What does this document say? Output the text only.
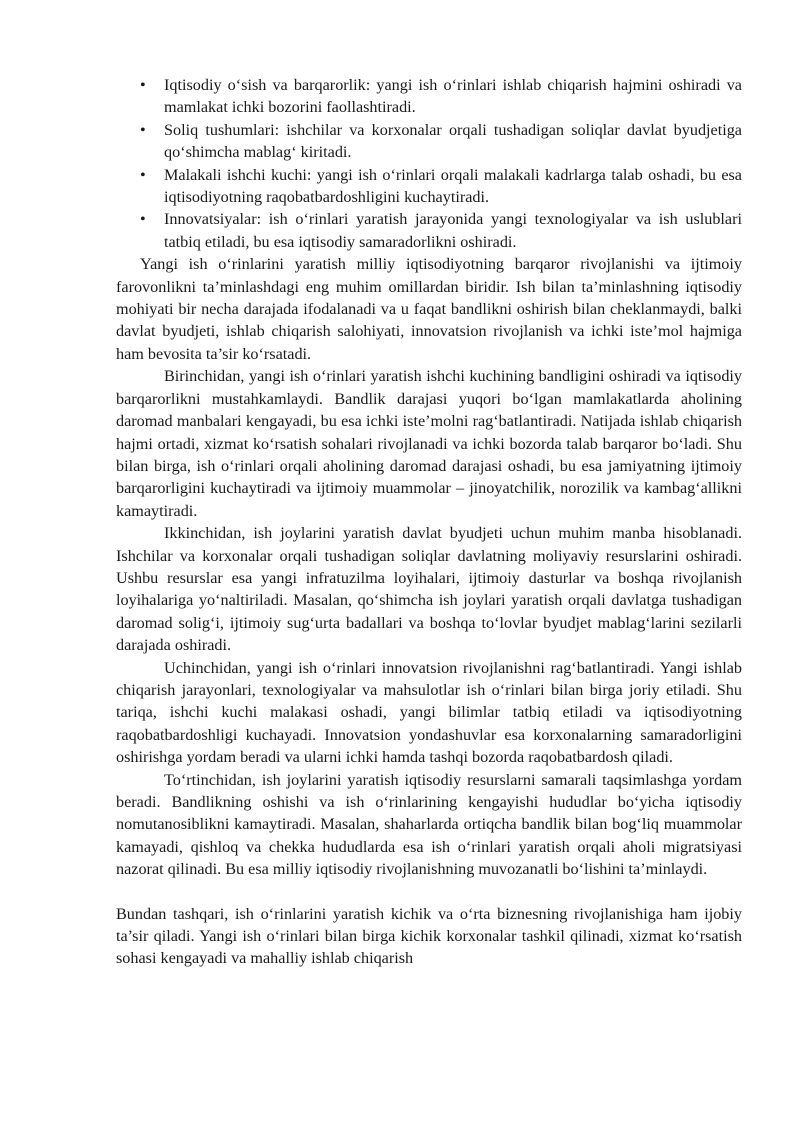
• Iqtisodiy o‘sish va barqarorlik: yangi ish o‘rinlari ishlab chiqarish hajmini oshiradi va mamlakat ichki bozorini faollashtiradi.
• Soliq tushumlari: ishchilar va korxonalar orqali tushadigan soliqlar davlat byudjetiga qo‘shimcha mablag‘ kiritadi.
• Malakali ishchi kuchi: yangi ish o‘rinlari orqali malakali kadrlarga talab oshadi, bu esa iqtisodiyotning raqobatbardoshligini kuchaytiradi.
• Innovatsiyalar: ish o‘rinlari yaratish jarayonida yangi texnologiyalar va ish uslublari tatbiq etiladi, bu esa iqtisodiy samaradorlikni oshiradi.

Yangi ish o‘rinlarini yaratish milliy iqtisodiyotning barqaror rivojlanishi va ijtimoiy farovonlikni ta’minlashdagi eng muhim omillardan biridir. Ish bilan ta’minlashning iqtisodiy mohiyati bir necha darajada ifodalanadi va u faqat bandlikni oshirish bilan cheklanmaydi, balki davlat byudjeti, ishlab chiqarish salohiyati, innovatsion rivojlanish va ichki iste’mol hajmiga ham bevosita ta’sir ko‘rsatadi.

Birinchidan, yangi ish o‘rinlari yaratish ishchi kuchining bandligini oshiradi va iqtisodiy barqarorlikni mustahkamlaydi. Bandlik darajasi yuqori bo‘lgan mamlakatlarda aholining daromad manbalari kengayadi, bu esa ichki iste’molni rag‘batlantiradi. Natijada ishlab chiqarish hajmi ortadi, xizmat ko‘rsatish sohalari rivojlanadi va ichki bozorda talab barqaror bo‘ladi. Shu bilan birga, ish o‘rinlari orqali aholining daromad darajasi oshadi, bu esa jamiyatning ijtimoiy barqarorligini kuchaytiradi va ijtimoiy muammolar – jinoyatchilik, norozilik va kambag‘allikni kamaytiradi.

Ikkinchidan, ish joylarini yaratish davlat byudjeti uchun muhim manba hisoblanadi. Ishchilar va korxonalar orqali tushadigan soliqlar davlatning moliyaviy resurslarini oshiradi. Ushbu resurslar esa yangi infratuzilma loyihalari, ijtimoiy dasturlar va boshqa rivojlanish loyihalariga yo‘naltiriladi. Masalan, qo‘shimcha ish joylari yaratish orqali davlatga tushadigan daromad solig‘i, ijtimoiy sug‘urta badallari va boshqa to‘lovlar byudjet mablag‘larini sezilarli darajada oshiradi.

Uchinchidan, yangi ish o‘rinlari innovatsion rivojlanishni rag‘batlantiradi. Yangi ishlab chiqarish jarayonlari, texnologiyalar va mahsulotlar ish o‘rinlari bilan birga joriy etiladi. Shu tariqa, ishchi kuchi malakasi oshadi, yangi bilimlar tatbiq etiladi va iqtisodiyotning raqobatbardoshligi kuchayadi. Innovatsion yondashuvlar esa korxonalarning samaradorligini oshirishga yordam beradi va ularni ichki hamda tashqi bozorda raqobatbardosh qiladi.

To‘rtinchidan, ish joylarini yaratish iqtisodiy resurslarni samarali taqsimlashga yordam beradi. Bandlikning oshishi va ish o‘rinlarining kengayishi hududlar bo‘yicha iqtisodiy nomutanosiblikni kamaytiradi. Masalan, shaharlarda ortiqcha bandlik bilan bog‘liq muammolar kamayadi, qishloq va chekka hududlarda esa ish o‘rinlari yaratish orqali aholi migratsiyasi nazorat qilinadi. Bu esa milliy iqtisodiy rivojlanishning muvozanatli bo‘lishini ta’minlaydi.

Bundan tashqari, ish o‘rinlarini yaratish kichik va o‘rta biznesning rivojlanishiga ham ijobiy ta’sir qiladi. Yangi ish o‘rinlari bilan birga kichik korxonalar tashkil qilinadi, xizmat ko‘rsatish sohasi kengayadi va mahalliy ishlab chiqarish
